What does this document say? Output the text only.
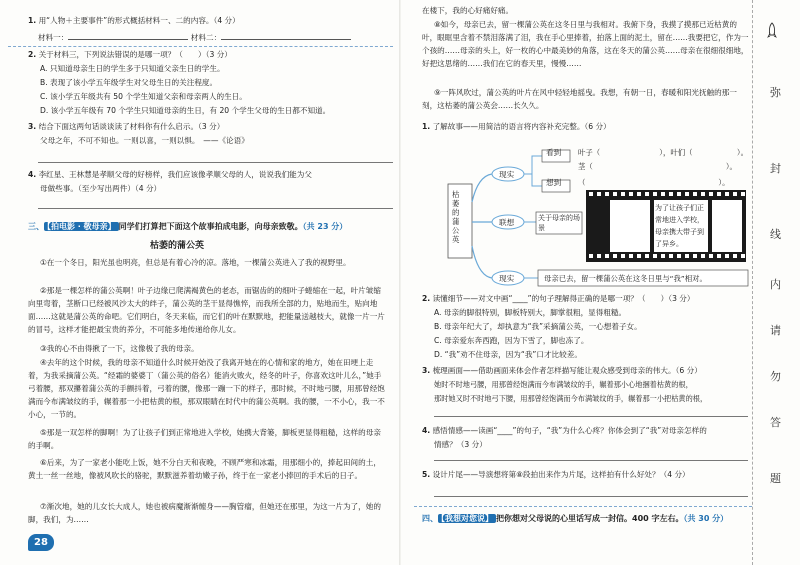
1. 用“人物＋主要事件”的形式概括材料一、二的内容。（4 分）
材料一：	材料二：
2. 关于材料三，下列说法错误的是哪一项？（　　）（3 分）
A. 只知道母亲生日的学生多于只知道父亲生日的学生。
B. 表现了该小学五年级学生对父母生日的关注程度。
C. 该小学五年级共有 50 个学生知道父亲和母亲两人的生日。
D. 该小学五年级有 70 个学生只知道母亲的生日，有 20 个学生父母的生日都不知道。
3. 结合下面这两句话谈谈读了材料你有什么启示。（3 分）
父母之年，不可不知也。一则以喜，一则以惧。　——《论语》
4. 李红星、王林慧是孝顺父母的好榜样，我们应该像孝顺父母的人，说说我们能为父
母做些事。（至少写出两件）（4 分）
三、 【拍电影 · 敬母亲】 同学们打算把下面这个故事拍成电影，向母亲致敬。（共 23 分）
枯萎的蒲公英
①在一个冬日，阳光虽也明亮，但总是有着心冷的凉。落地，一棵蒲公英进入了我的视野里。
②那是一棵怎样的蒲公英啊！叶子边缘已爬满褐黄色的老态，而锯齿的的细叶子蜷缩在一起，叶片皱缩向里弯着，茎断口已经被风沙太大的绊子，蒲公英的茎干显得憔悴，而我所全部的力，贴地而生，贴向地面……这就是蒲公英的命吧。它们明白，冬天来临，而它们的叶在默默地，把能量送越枝大，就像一片一片的冒号，这样才能把最宝贵的养分，不可能多地传递给你儿女。
③我的心不由得揪了一下，这像极了我的母亲。
④去年的这个时候，我的母亲不知道什么时候开始没了我离开她在的心情和家的地方，她在田埂上走着，为我采摘蒲公英。“经霜的婆婆丁（蒲公英的俗名）能消火败火，经冬的叶子，你喜欢这叶儿么，”她手弓着腰，那双攥着蒲公英的手颤抖着，弓着的腰，像那一蹦一下的样子，那时候，不时地弓腰，用那曾经饱满而今布满皱纹的手，辗着那一小把枯黄的根，那双眼睛在时代中的蒲公英啊。我的腰，一不小心，我一不小心，一节的。
⑤那是一双怎样的脚啊！为了让孩子们到正常地进入学校，她携大背篓，脚板更显得粗糙，这样的母亲的手啊。
⑥后来，为了一家老小能吃上饭，她不分白天和夜晚，不顾严寒和冰霜，用那细小的，捧起田间的土，黄土一丝一丝地，像被风吹长的骆驼，默默滋养着幼嫩子孙，终于在一家老小捧回的手术后的日子。
⑦渐次地，她的儿女长大成人，她也被病魔渐渐缠身——胸管瘤，但她还在那里，为这一片为了，她的脚，我们，为……
28
在楼下，我的心好痛好痛。
⑧如今，母亲已去，留一棵蒲公英在这冬日里与我相对。我俯下身，我摸了摸那已近枯黄的叶，眼眶里含着不禁泪落满了泪，我在手心里捧着，拍落上面的泥土，留在……我要把它，作为一个孩的……母亲的头上，好一枚的心中最美妙的角落，这在冬天的蒲公英……母亲在很细很细地，好把这思绪的……我们在它的春天里，慢慢……
⑨一阵风吹过，蒲公英的叶片在风中轻轻地摇曳。我想，有朝一日，春暖和阳光抚触的那一刻，这枯萎的蒲公英会……长久久。
1. 了解故事——用简洁的语言将内容补充完整。（6 分）
枯萎的蒲公英
现实
看到
想到
叶子（　　　　　　　　），叶们（　　　　　　）。
茎（　　　　　　　　　　　　　　　　　　）。
（　　　　　　　　　　　　　　　　　　）。
联想	关于母亲的场景
为了让孩子们正常地进入学校，母亲携大带子到了异乡。
现实	母亲已去，留一棵蒲公英在这冬日里与“我”相对。
2. 读懂细节——对文中画“____”的句子理解得正确的是哪一项？（　　）（3 分）
A. 母亲的脚很特别，脚板特别大，脚掌很粗，显得粗糙。
B. 母亲年纪大了，却执意为“我”采摘蒲公英，一心想着子女。
C. 母亲爱东奔西跑，因为下雪了，脚也冻了。
D. “我”劝不住母亲，因为“我”口才比较差。
3. 梳理画面——借助画面来体会作者怎样描写能让观众感受到母亲的伟大。（6 分）
她时不时地弓腰，用那曾经饱满而今布满皱纹的手，辗着那小心地捆着枯黄的根，
那时她又时不时地弓下腰，用那曾经饱满而今布满皱纹的手，辗着那一小把枯黄的根，
4. 感悟情感——读画“____”的句子，“我”为什么心疼？你体会到了“我”对母亲怎样的
情感？（3 分）
5. 设计片尾——导演想将第⑧段拍出来作为片尾，这样拍有什么好处？（4 分）
四、 【我想对您说】 把你想对父母说的心里话写成一封信。400 字左右。（共 30 分）
弥
封
线
内
请
勿
答
题
